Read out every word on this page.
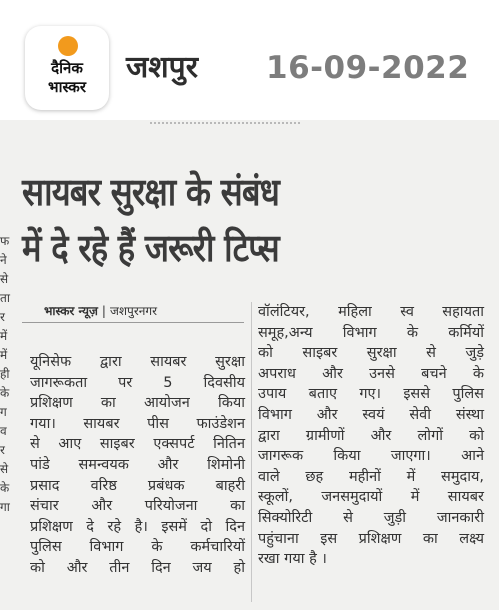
दैनिक
भास्कर
जशपुर 16-09-2022
फ
ने
से
ता
र
में
में
ही
के
ग
व
र
से
के
गा
सायबर सुरक्षा के संबंध
में दे रहे हैं जरूरी टिप्स
भास्कर न्यूज़ | जशपुरनगर
यूनिसेफ द्वारा सायबर सुरक्षा
जागरूकता पर 5 दिवसीय
प्रशिक्षण का आयोजन किया
गया। सायबर पीस फाउंडेशन
से आए साइबर एक्सपर्ट नितिन
पांडे समन्वयक और शिमोनी
प्रसाद वरिष्ठ प्रबंधक बाहरी
संचार और परियोजना का
प्रशिक्षण दे रहे है। इसमें दो दिन
पुलिस विभाग के कर्मचारियों
को और तीन दिन जय हो
वॉलंटियर, महिला स्व सहायता
समूह,अन्य विभाग के कर्मियों
को साइबर सुरक्षा से जुड़े
अपराध और उनसे बचने के
उपाय बताए गए। इससे पुलिस
विभाग और स्वयं सेवी संस्था
द्वारा ग्रामीणों और लोगों को
जागरूक किया जाएगा। आने
वाले छह महीनों में समुदाय,
स्कूलों, जनसमुदायों में सायबर
सिक्योरिटी से जुड़ी जानकारी
पहुंचाना इस प्रशिक्षण का लक्ष्य
रखा गया है ।
